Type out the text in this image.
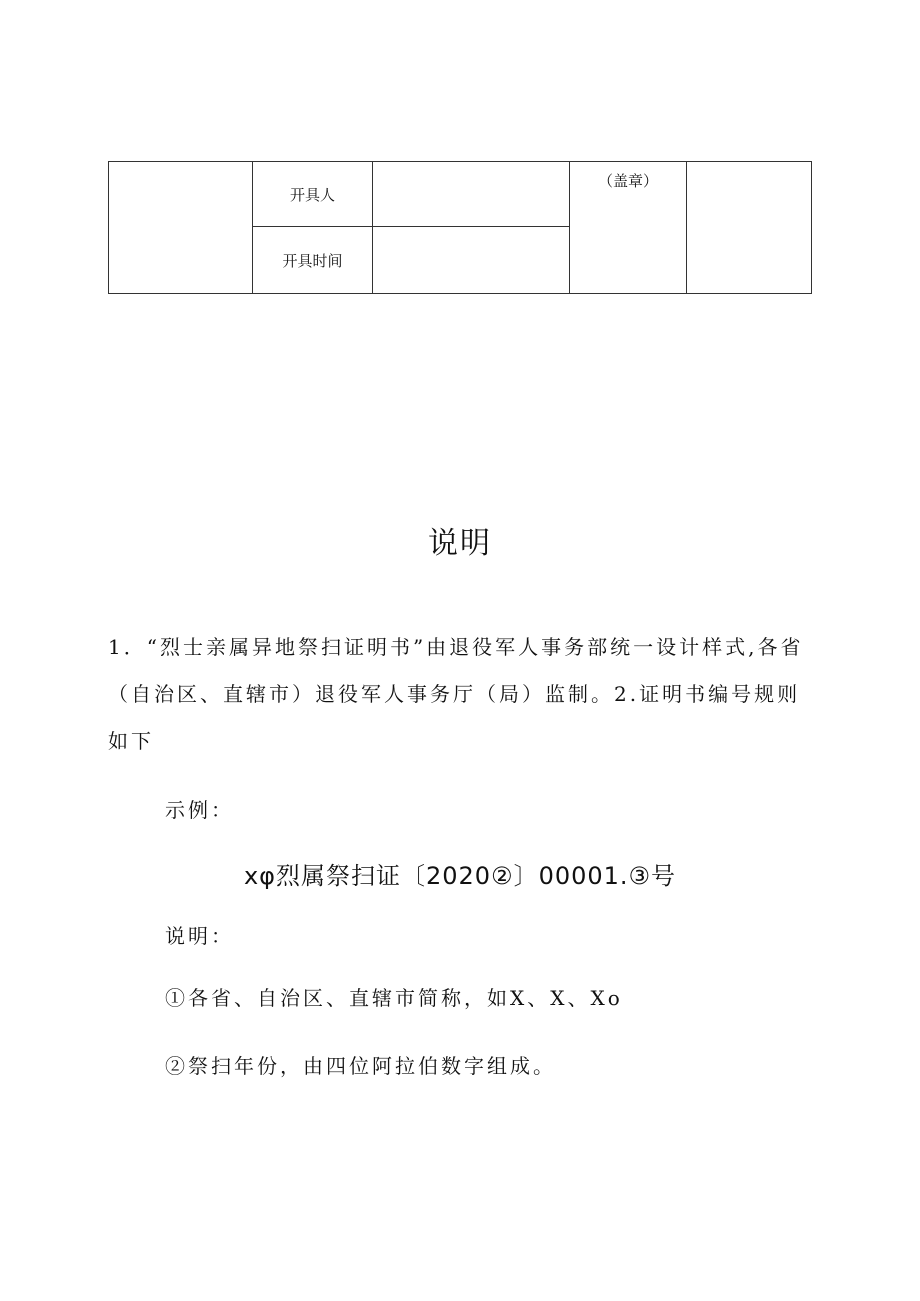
	开具人		（盖章）	
	开具时间			
说明
1．“烈士亲属异地祭扫证明书”由退役军人事务部统一设计样式,各省（自治区、直辖市）退役军人事务厅（局）监制。2.证明书编号规则如下
示例：
xφ烈属祭扫证〔2020②〕00001.③号
说明：
①各省、自治区、直辖市简称，如X、X、Xo
②祭扫年份，由四位阿拉伯数字组成。
